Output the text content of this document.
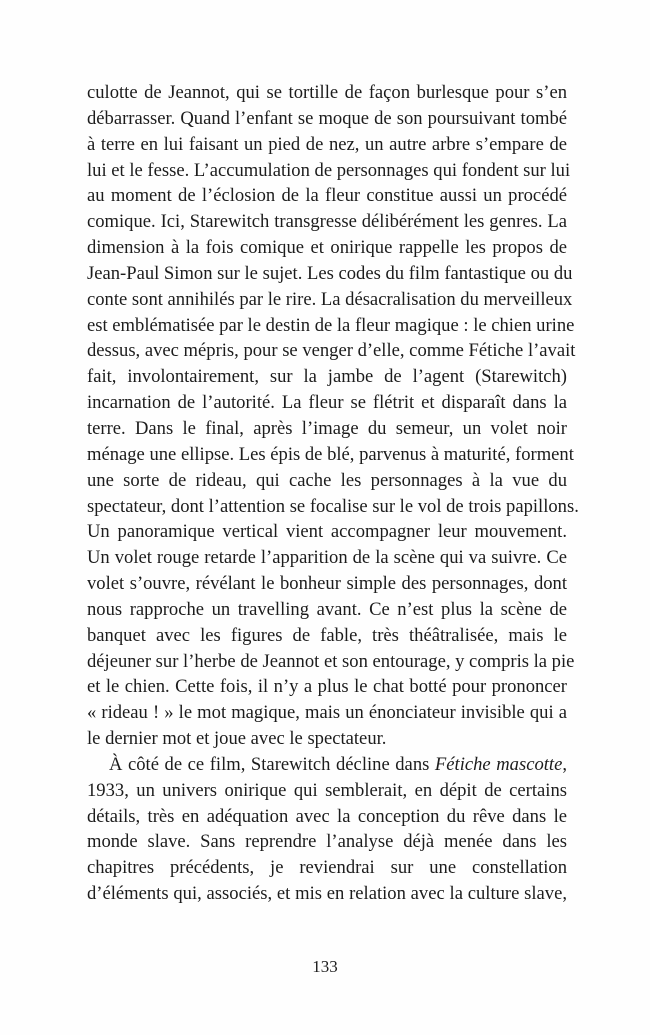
culotte de Jeannot, qui se tortille de façon burlesque pour s’en
débarrasser. Quand l’enfant se moque de son poursuivant tombé
à terre en lui faisant un pied de nez, un autre arbre s’empare de
lui et le fesse. L’accumulation de personnages qui fondent sur lui
au moment de l’éclosion de la fleur constitue aussi un procédé
comique. Ici, Starewitch transgresse délibérément les genres. La
dimension à la fois comique et onirique rappelle les propos de
Jean-Paul Simon sur le sujet. Les codes du film fantastique ou du
conte sont annihilés par le rire. La désacralisation du merveilleux
est emblématisée par le destin de la fleur magique : le chien urine
dessus, avec mépris, pour se venger d’elle, comme Fétiche l’avait
fait, involontairement, sur la jambe de l’agent (Starewitch)
incarnation de l’autorité. La fleur se flétrit et disparaît dans la
terre. Dans le final, après l’image du semeur, un volet noir
ménage une ellipse. Les épis de blé, parvenus à maturité, forment
une sorte de rideau, qui cache les personnages à la vue du
spectateur, dont l’attention se focalise sur le vol de trois papillons.
Un panoramique vertical vient accompagner leur mouvement.
Un volet rouge retarde l’apparition de la scène qui va suivre. Ce
volet s’ouvre, révélant le bonheur simple des personnages, dont
nous rapproche un travelling avant. Ce n’est plus la scène de
banquet avec les figures de fable, très théâtralisée, mais le
déjeuner sur l’herbe de Jeannot et son entourage, y compris la pie
et le chien. Cette fois, il n’y a plus le chat botté pour prononcer
« rideau ! » le mot magique, mais un énonciateur invisible qui a
le dernier mot et joue avec le spectateur.
À côté de ce film, Starewitch décline dans Fétiche mascotte,
1933, un univers onirique qui semblerait, en dépit de certains
détails, très en adéquation avec la conception du rêve dans le
monde slave. Sans reprendre l’analyse déjà menée dans les
chapitres précédents, je reviendrai sur une constellation
d’éléments qui, associés, et mis en relation avec la culture slave,
133
